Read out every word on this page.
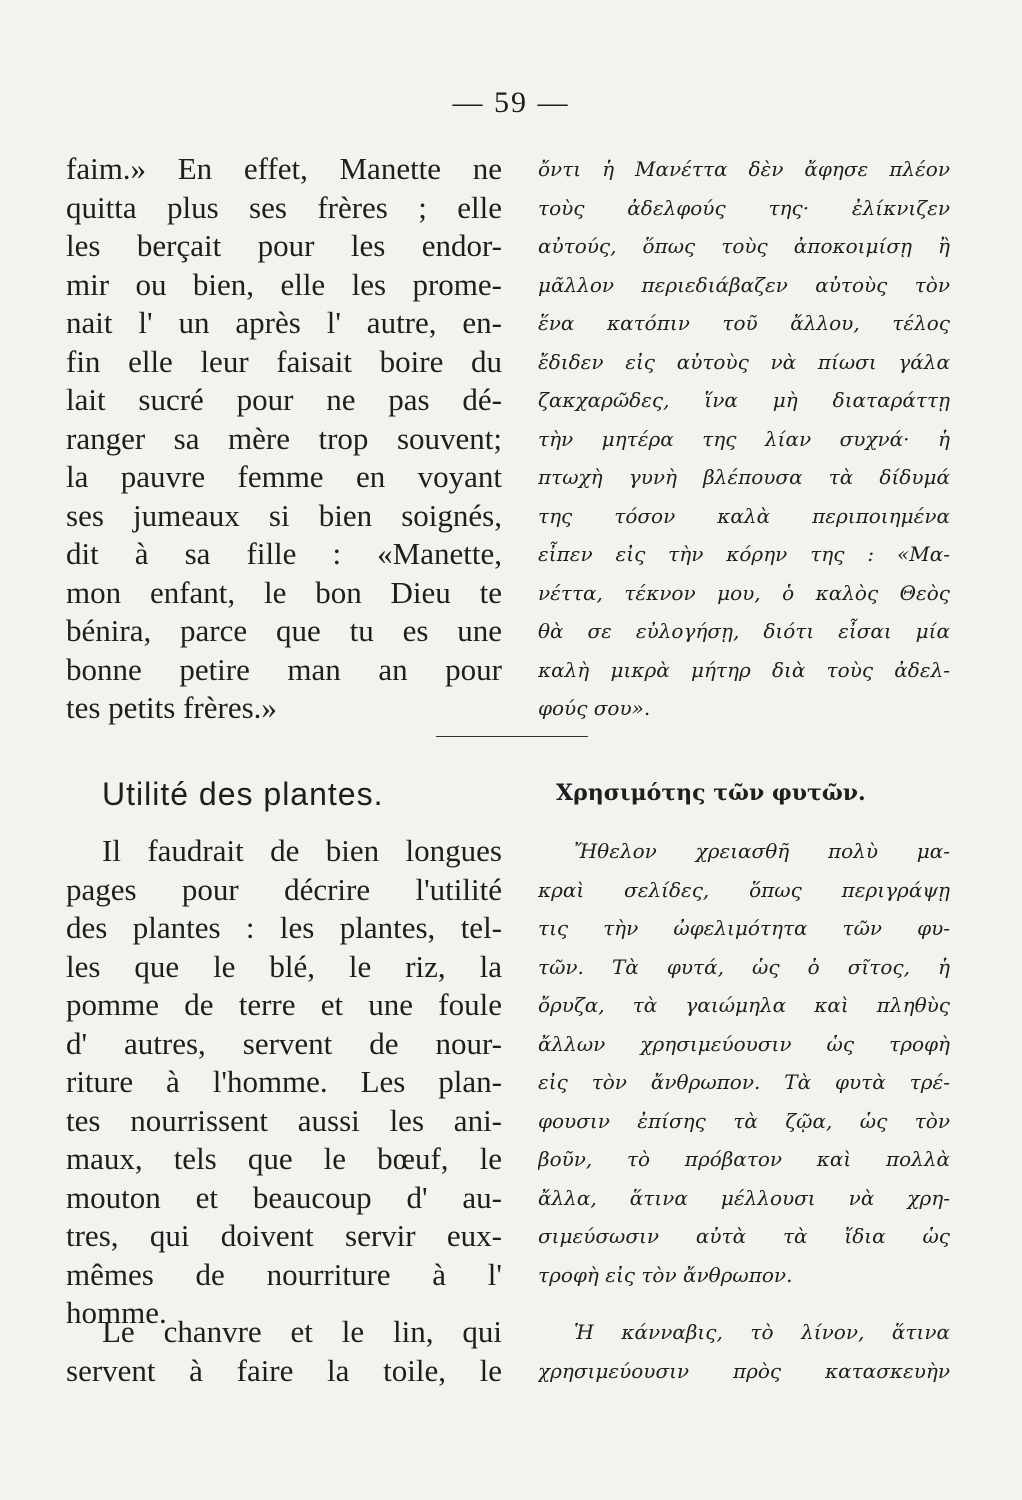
— 59 —
faim.» En effet, Manette ne
quitta plus ses frères ; elle
les berçait pour les endor-
mir ou bien, elle les prome-
nait l' un après l' autre, en-
fin elle leur faisait boire du
lait sucré pour ne pas dé-
ranger sa mère trop souvent;
la pauvre femme en voyant
ses jumeaux si bien soignés,
dit à sa fille : «Manette,
mon enfant, le bon Dieu te
bénira, parce que tu es une
bonne petire man an pour
tes petits frères.»
ὄντι ἡ Μανέττα δὲν ἄφησε πλέον
τοὺς ἀδελφούς της· ἐλίκνιζεν
αὐτούς, ὅπως τοὺς ἀποκοιμίσῃ ἢ
μᾶλλον περιεδιάβαζεν αὐτοὺς τὸν
ἕνα κατόπιν τοῦ ἄλλου, τέλος
ἔδιδεν εἰς αὐτοὺς νὰ πίωσι γάλα
ζακχαρῶδες, ἵνα μὴ διαταράττῃ
τὴν μητέρα της λίαν συχνά· ἡ
πτωχὴ γυνὴ βλέπουσα τὰ δίδυμά
της τόσον καλὰ περιποιημένα
εἶπεν εἰς τὴν κόρην της : «Μα-
νέττα, τέκνον μου, ὁ καλὸς Θεὸς
θὰ σε εὐλογήσῃ, διότι εἶσαι μία
καλὴ μικρὰ μήτηρ διὰ τοὺς ἀδελ-
φούς σου».
Utilité des plantes.	Χρησιμότης τῶν φυτῶν.
Il faudrait de bien longues
pages pour décrire l'utilité
des plantes : les plantes, tel-
les que le blé, le riz, la
pomme de terre et une foule
d' autres, servent de nour-
riture à l'homme. Les plan-
tes nourrissent aussi les ani-
maux, tels que le bœuf, le
mouton et beaucoup d' au-
tres, qui doivent servir eux-
mêmes de nourriture à l'
homme.
Le chanvre et le lin, qui
servent à faire la toile, le
Ἤθελον χρειασθῆ πολὺ μα-
κραὶ σελίδες, ὅπως περιγράψῃ
τις τὴν ὠφελιμότητα τῶν φυ-
τῶν. Τὰ φυτά, ὡς ὁ σῖτος, ἡ
ὄρυζα, τὰ γαιώμηλα καὶ πληθὺς
ἄλλων χρησιμεύουσιν ὡς τροφὴ
εἰς τὸν ἄνθρωπον. Τὰ φυτὰ τρέ-
φουσιν ἐπίσης τὰ ζῷα, ὡς τὸν
βοῦν, τὸ πρόβατον καὶ πολλὰ
ἄλλα, ἅτινα μέλλουσι νὰ χρη-
σιμεύσωσιν αὐτὰ τὰ ἴδια ὡς
τροφὴ εἰς τὸν ἄνθρωπον.
Ἡ κάνναβις, τὸ λίνον, ἅτινα
χρησιμεύουσιν πρὸς κατασκευὴν
